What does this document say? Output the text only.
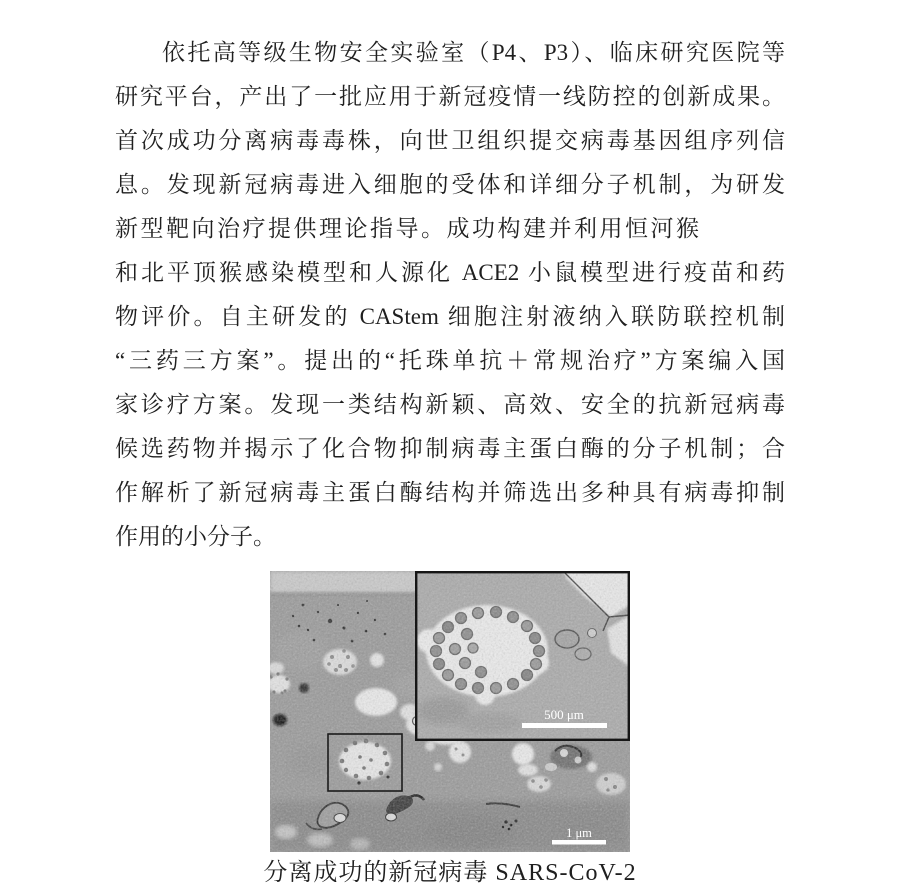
依托高等级生物安全实验室（P4、P3）、临床研究医院等
研究平台，产出了一批应用于新冠疫情一线防控的创新成果。
首次成功分离病毒毒株，向世卫组织提交病毒基因组序列信
息。发现新冠病毒进入细胞的受体和详细分子机制，为研发
新型靶向治疗提供理论指导。成功构建并利用恒河猴
和北平顶猴感染模型和人源化 ACE2 小鼠模型进行疫苗和药
物评价。自主研发的 CAStem 细胞注射液纳入联防联控机制
“三药三方案”。提出的“托珠单抗＋常规治疗”方案编入国
家诊疗方案。发现一类结构新颖、高效、安全的抗新冠病毒
候选药物并揭示了化合物抑制病毒主蛋白酶的分子机制；合
作解析了新冠病毒主蛋白酶结构并筛选出多种具有病毒抑制
作用的小分子。
1 μm
500 μm
分离成功的新冠病毒 SARS-CoV-2
